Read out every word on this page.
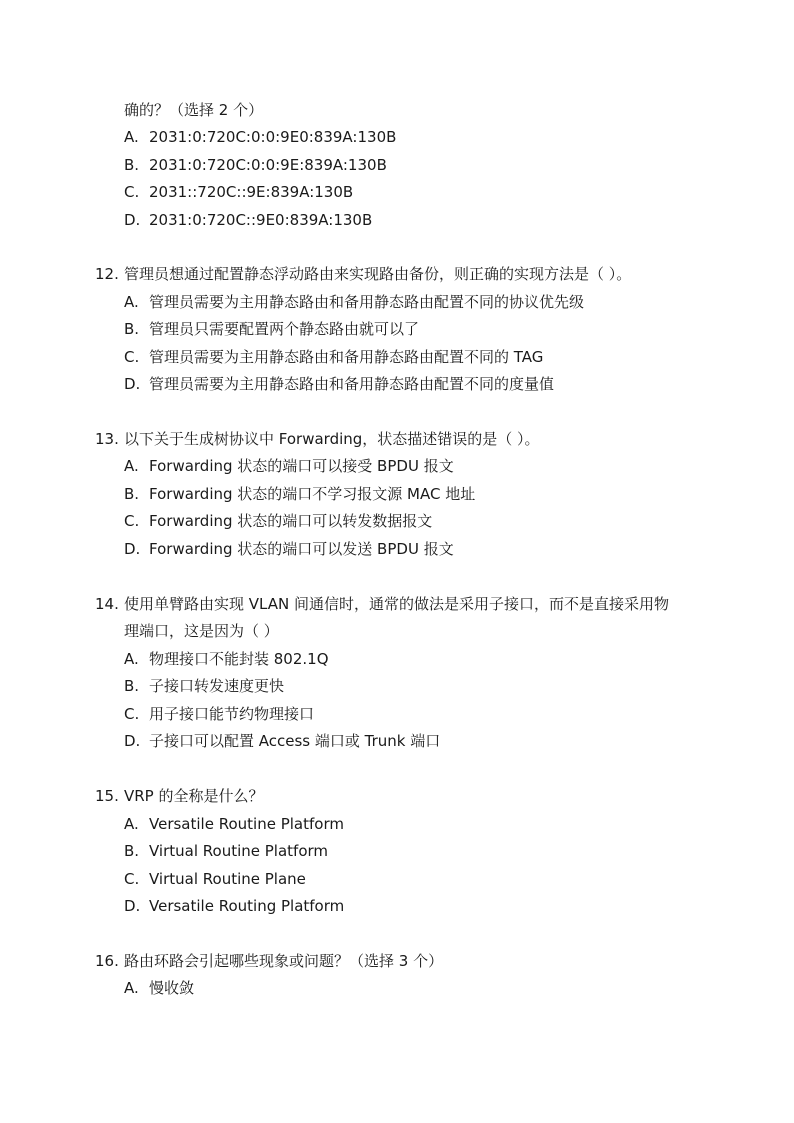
确的？（选择 2 个）
A. 2031:0:720C:0:0:9E0:839A:130B
B. 2031:0:720C:0:0:9E:839A:130B
C. 2031::720C::9E:839A:130B
D. 2031:0:720C::9E0:839A:130B
12. 管理员想通过配置静态浮动路由来实现路由备份，则正确的实现方法是（ ）。
A. 管理员需要为主用静态路由和备用静态路由配置不同的协议优先级
B. 管理员只需要配置两个静态路由就可以了
C. 管理员需要为主用静态路由和备用静态路由配置不同的 TAG
D. 管理员需要为主用静态路由和备用静态路由配置不同的度量值
13. 以下关于生成树协议中 Forwarding，状态描述错误的是（ ）。
A. Forwarding 状态的端口可以接受 BPDU 报文
B. Forwarding 状态的端口不学习报文源 MAC 地址
C. Forwarding 状态的端口可以转发数据报文
D. Forwarding 状态的端口可以发送 BPDU 报文
14. 使用单臂路由实现 VLAN 间通信时，通常的做法是采用子接口，而不是直接采用物
理端口，这是因为（ ）
A. 物理接口不能封装 802.1Q
B. 子接口转发速度更快
C. 用子接口能节约物理接口
D. 子接口可以配置 Access 端口或 Trunk 端口
15. VRP 的全称是什么？
A. Versatile Routine Platform
B. Virtual Routine Platform
C. Virtual Routine Plane
D. Versatile Routing Platform
16. 路由环路会引起哪些现象或问题？（选择 3 个）
A. 慢收敛
